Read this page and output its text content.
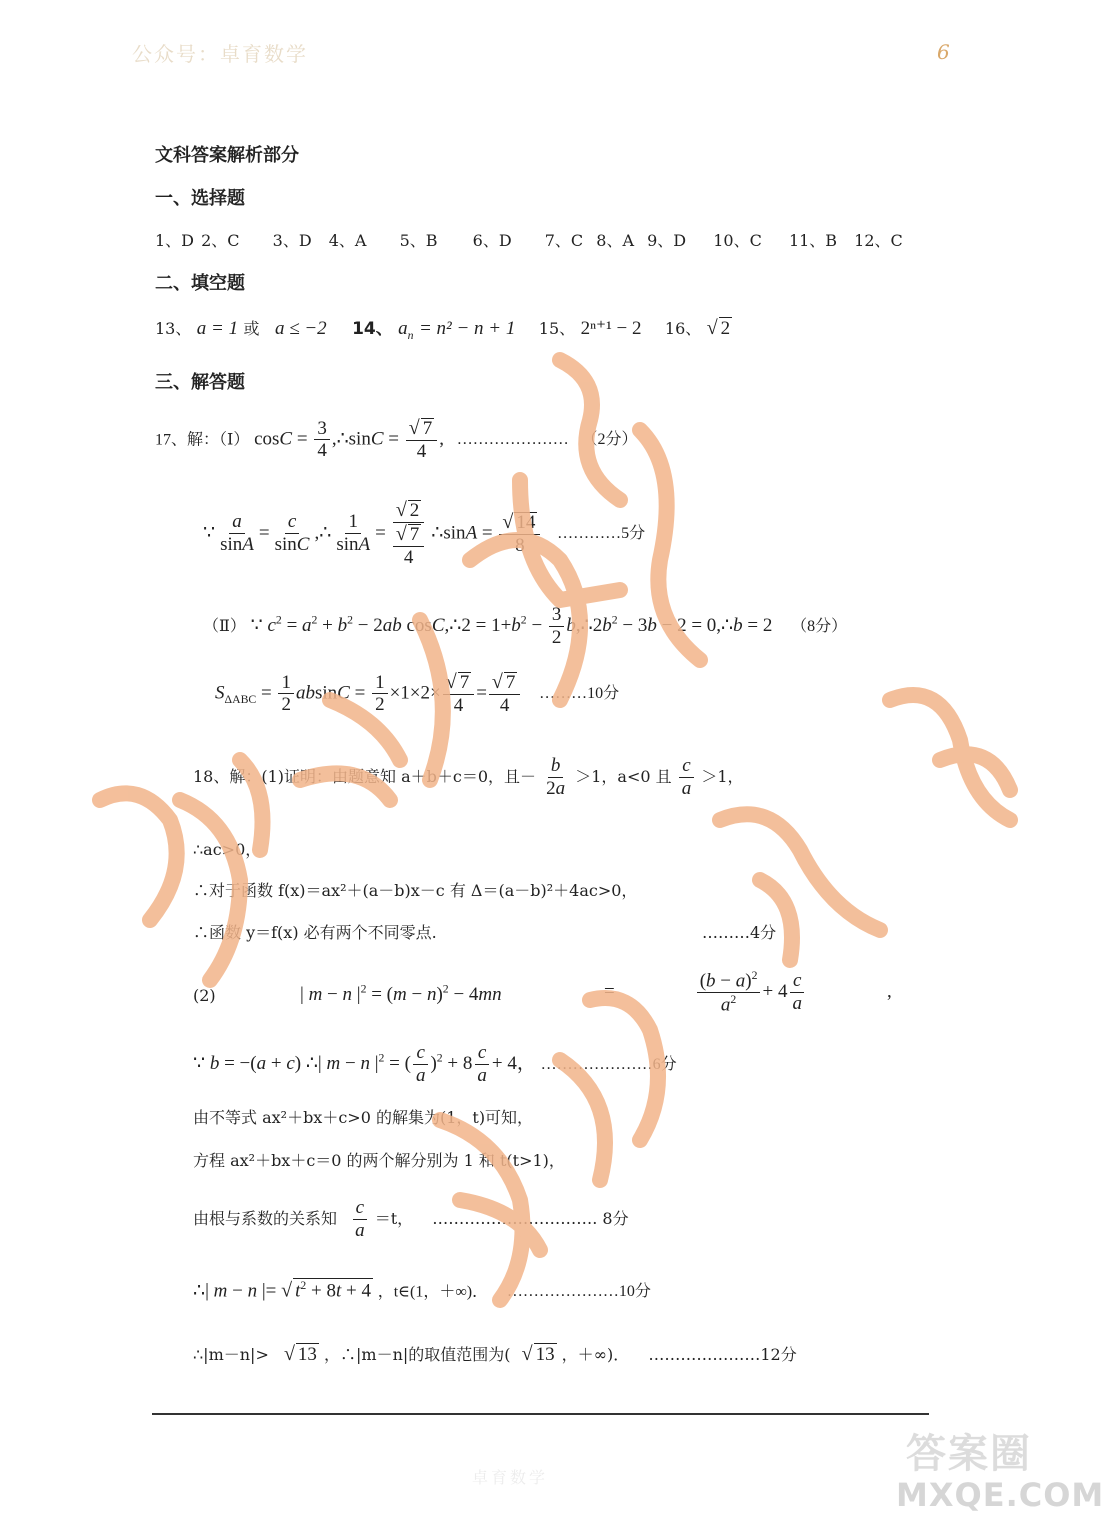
公众号：卓育数学	6
文科答案解析部分
一、选择题
1、D 2、C 3、D 4、A 5、B 6、D 7、C 8、A 9、D 10、C 11、B 12、C
二、填空题
13、 a = 1 或 a ≤ −2 14、 $a_n = n^2 - n + 1$ 15、 2ⁿ⁺¹ − 2 16、 √ 2
三、解答题
17、解：（Ⅰ） $\cos C = \frac{3}{4}$ ,∴sinC = $\frac{√ 7}{4}$ , ………………… （2分）
∵ $\frac{a}{\sin A} = \frac{c}{\sin C}$ ,∴ $\frac{1}{\sin A} = \frac{√ 2}{\frac{√ 7}{4}}$ ∴sinA = $\frac{√ 14}{8}$ …………5分
（Ⅱ） ∵ $c^2 = a^2 + b^2 - 2ab$ cosC,∴2 = $1+b^2 - \frac{3}{2}$ $b,\therefore 2b^2 - 3b - 2$ = 0,∴b = 2 （8分）
$S_{\Delta ABC} = \frac{1}{2}$ $absinC = \frac{1}{2} \times 1\times 2\times \frac{√ 7}{4} = \frac{√ 7}{4}$ ………10分
18、解：(1)证明：由题意知 a＋b＋c＝0，且－ $\frac{b}{2a} >1$，a<0 且 $\frac{c}{a} >1$，
∴ac>0，
∴对于函数 f(x)＝ax²＋(a－b)x－c 有 Δ＝(a－b)²＋4ac>0，
∴函数 y＝f(x) 必有两个不同零点.	………4分
(2)	| m − n $|^2 = (m - n)^2 - 4mn$	=	$\frac{(b - a)^2}{a^2} + 4 \frac{c}{a}$	,
∵ b = −(a + c) ∴| m − n $|^2$ = ( $\frac{c}{a} )^2 + 8 \frac{c}{a} + 4$， …………………6分
由不等式 ax²＋bx＋c>0 的解集为(1，t)可知，
方程 ax²＋bx＋c＝0 的两个解分别为 1 和 t(t>1)，
由根与系数的关系知 $\frac{c}{a} =t$， …………………………. 8分
∴| m − n |= √ $t^2 + 8t + 4$ ，t∈(1，＋∞)． …………………10分
∴|m－n|> √ 13 ，∴|m－n|的取值范围为( √ 13 ，＋∞)． …………………12分
卓育数学
答案圈
MXQE.COM
